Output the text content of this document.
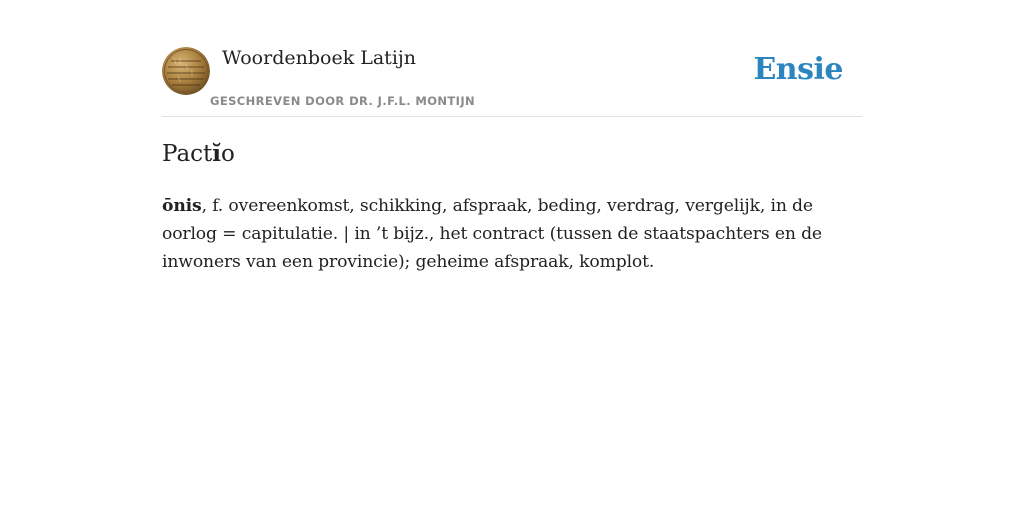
Woordenboek Latijn
GESCHREVEN DOOR DR. J.F.L. MONTIJN
Ensie
Pactĭo

ōnis, f. overeenkomst, schikking, afspraak, beding, verdrag, vergelijk, in de oorlog = capitulatie. | in ’t bijz., het contract (tussen de staatspachters en de inwoners van een provincie); geheime afspraak, komplot.
